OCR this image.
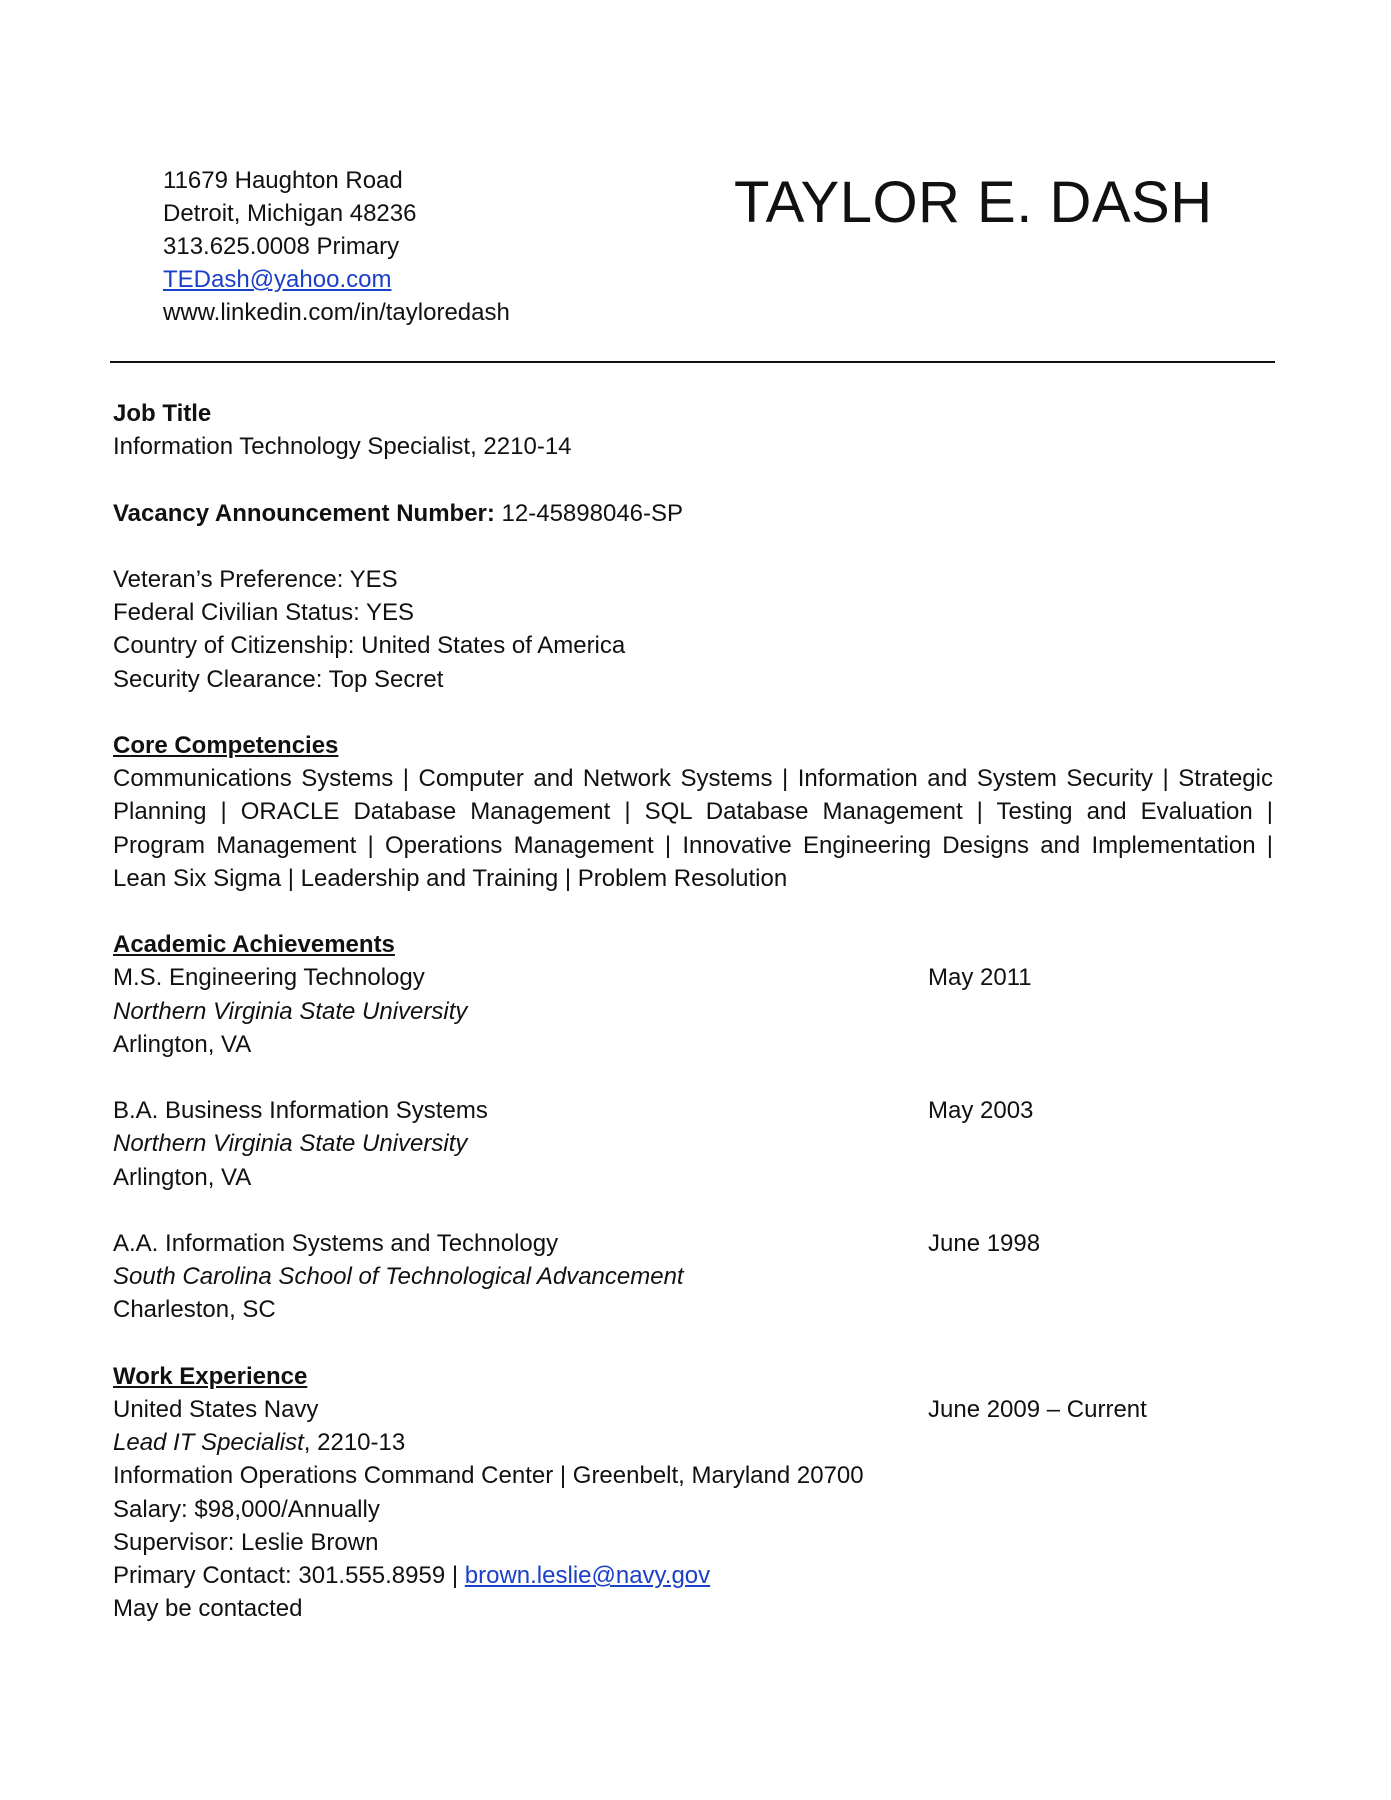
11679 Haughton Road
Detroit, Michigan 48236
313.625.0008 Primary
TEDash@yahoo.com
www.linkedin.com/in/tayloredash
TAYLOR E. DASH
Job Title
Information Technology Specialist, 2210-14
Vacancy Announcement Number: 12-45898046-SP
Veteran’s Preference: YES
Federal Civilian Status: YES
Country of Citizenship: United States of America
Security Clearance: Top Secret
Core Competencies
Communications Systems | Computer and Network Systems | Information and System Security | Strategic Planning | ORACLE Database Management | SQL Database Management | Testing and Evaluation | Program Management | Operations Management | Innovative Engineering Designs and Implementation | Lean Six Sigma | Leadership and Training | Problem Resolution
Academic Achievements
M.S. Engineering Technology	May 2011
Northern Virginia State University
Arlington, VA
B.A. Business Information Systems	May 2003
Northern Virginia State University
Arlington, VA
A.A. Information Systems and Technology	June 1998
South Carolina School of Technological Advancement
Charleston, SC
Work Experience
United States Navy	June 2009 – Current
Lead IT Specialist, 2210-13
Information Operations Command Center | Greenbelt, Maryland 20700
Salary: $98,000/Annually
Supervisor: Leslie Brown
Primary Contact: 301.555.8959 | brown.leslie@navy.gov
May be contacted
